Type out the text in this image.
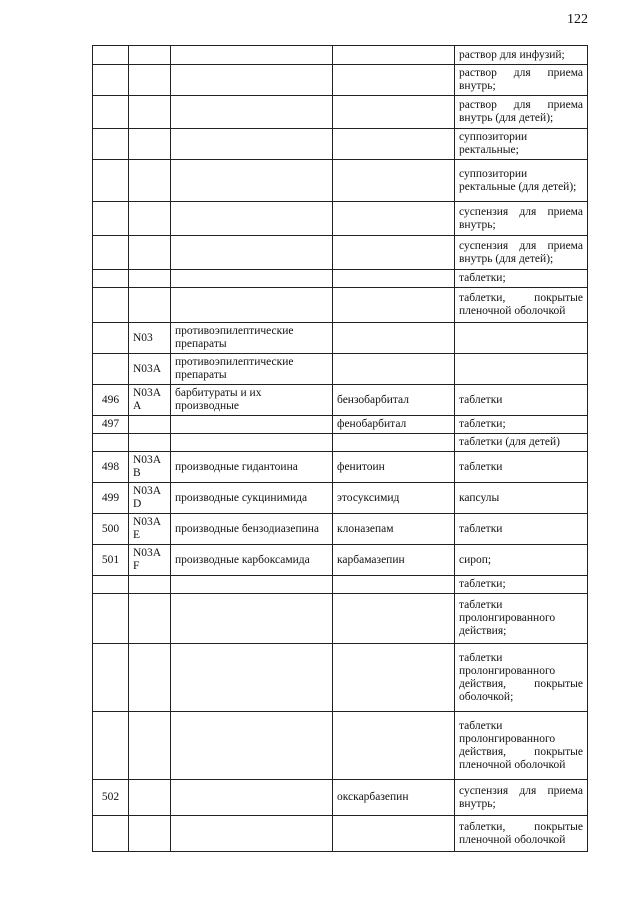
122
				раствор для инфузий;
				раствор для приема внутрь;
				раствор для приема внутрь (для детей);
				суппозитории ректальные;
				суппозитории ректальные (для детей);
				суспензия для приема внутрь;
				суспензия для приема внутрь (для детей);
				таблетки;
				таблетки, покрытые пленочной оболочкой
	N03	противоэпилептические препараты		
	N03A	противоэпилептические препараты		
496	N03A A	барбитураты и их производные	бензобарбитал	таблетки
497			фенобарбитал	таблетки;
				таблетки (для детей)
498	N03A B	производные гидантоина	фенитоин	таблетки
499	N03A D	производные сукцинимида	этосуксимид	капсулы
500	N03A E	производные бензодиазепина	клоназепам	таблетки
501	N03A F	производные карбоксамида	карбамазепин	сироп;
				таблетки;
				таблетки пролонгированного действия;
				таблетки пролонгированного действия, покрытые оболочкой;
				таблетки пролонгированного действия, покрытые пленочной оболочкой
502			окскарбазепин	суспензия для приема внутрь;
				таблетки, покрытые пленочной оболочкой
